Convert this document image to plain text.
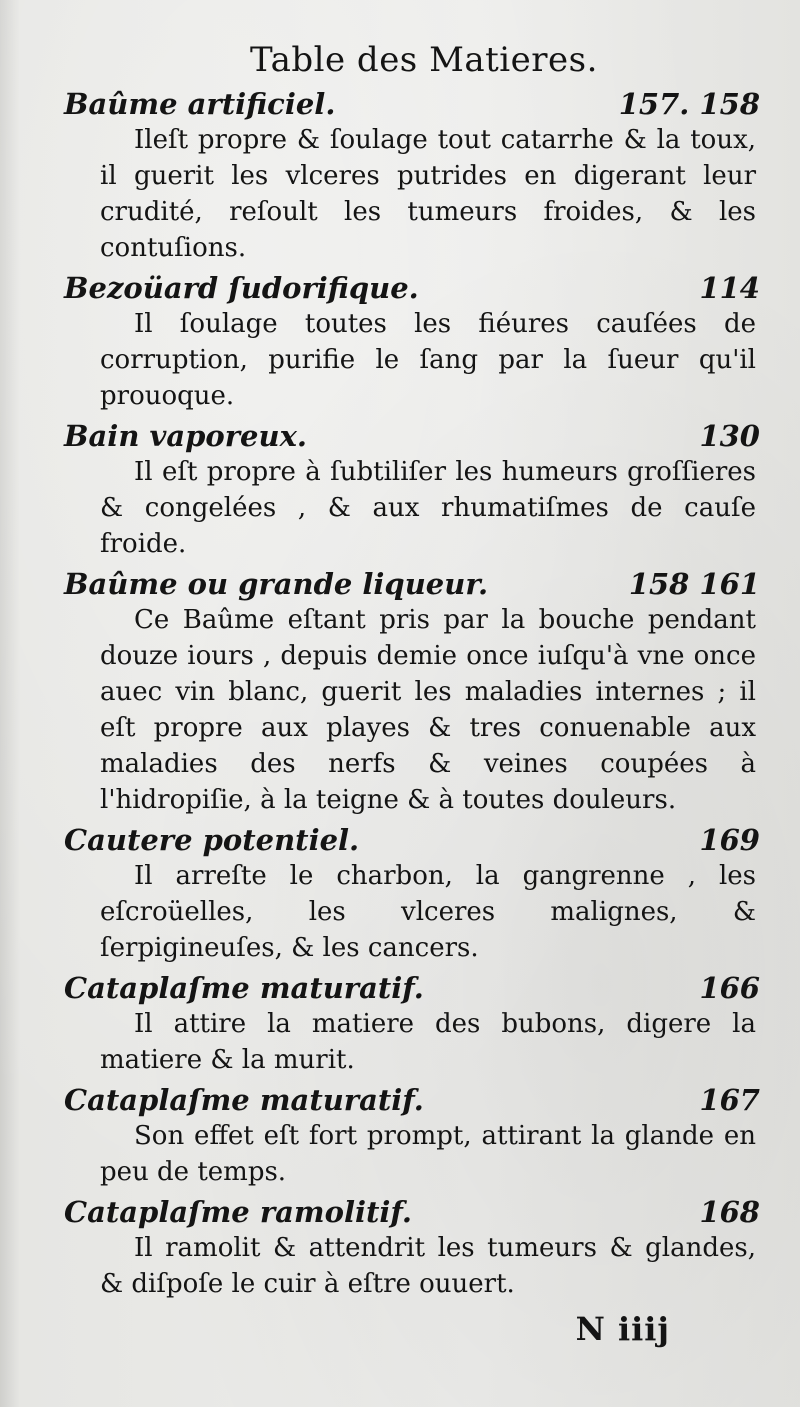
Table des Matieres.
Baûme artificiel.	157. 158
Ileſt propre & ſoulage tout catarrhe & la toux, il guerit les vlceres putrides en digerant leur crudité, reſoult les tumeurs froides, & les contuſions.
Bezoüard ſudorifique.	114
Il ſoulage toutes les fiéures cauſées de corruption, purifie le ſang par la ſueur qu'il prouoque.
Bain vaporeux.	130
Il eſt propre à ſubtiliſer les humeurs groſſieres & congelées , & aux rhumatiſmes de cauſe froide.
Baûme ou grande liqueur.	158 161
Ce Baûme eſtant pris par la bouche pendant douze iours , depuis demie once iuſqu'à vne once auec vin blanc, guerit les maladies internes ; il eſt propre aux playes & tres conuenable aux maladies des nerfs & veines coupées à l'hidropiſie, à la teigne & à toutes douleurs.
Cautere potentiel.	169
Il arreſte le charbon, la gangrenne , les eſcroüelles, les vlceres malignes, & ſerpigineuſes, & les cancers.
Cataplaſme maturatif.	166
Il attire la matiere des bubons, digere la matiere & la murit.
Cataplaſme maturatif.	167
Son effet eſt fort prompt, attirant la glande en peu de temps.
Cataplaſme ramolitif.	168
Il ramolit & attendrit les tumeurs & glandes, & diſpoſe le cuir à eſtre ouuert.
N iiij
